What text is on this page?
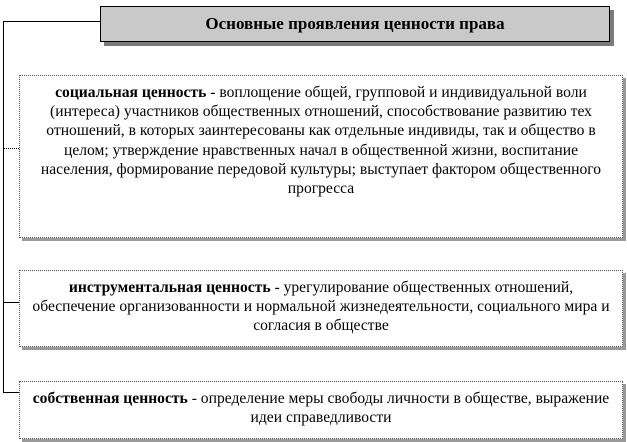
Основные проявления ценности права
социальная ценность - воплощение общей, групповой и индивидуальной воли (интереса) участников общественных отношений, способствование развитию тех отношений, в которых заинтересованы как отдельные индивиды, так и общество в целом; утверждение нравственных начал в общественной жизни, воспитание населения, формирование передовой культуры; выступает фактором общественного прогресса
инструментальная ценность - урегулирование общественных отношений, обеспечение организованности и нормальной жизнедеятельности, социального мира и согласия в обществе
собственная ценность - определение меры свободы личности в обществе, выражение идеи справедливости
